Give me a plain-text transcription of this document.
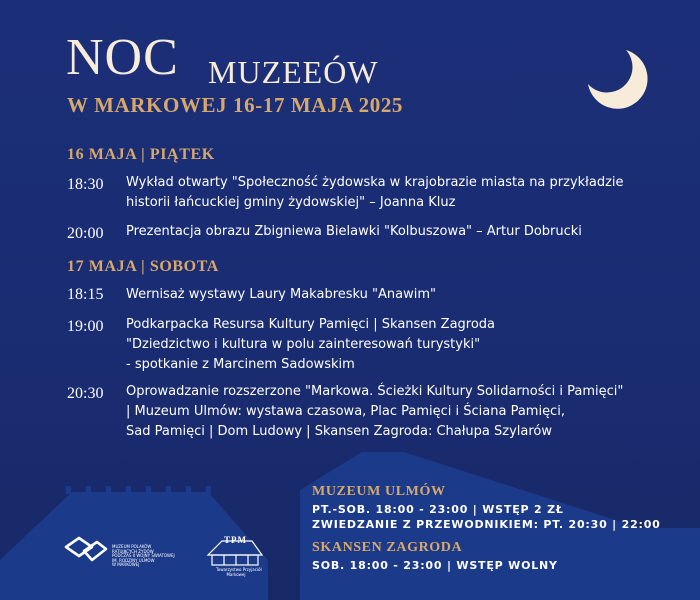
NOC MUZEEÓW
W MARKOWEJ 16-17 MAJA 2025
16 MAJA | PIĄTEK
18:30 Wykład otwarty "Społeczność żydowska w krajobrazie miasta na przykładzie
historii łańcuckiej gminy żydowskiej" – Joanna Kluz
20:00 Prezentacja obrazu Zbigniewa Bielawki "Kolbuszowa" – Artur Dobrucki
17 MAJA | SOBOTA
18:15 Wernisaż wystawy Laury Makabresku "Anawim"
19:00 Podkarpacka Resursa Kultury Pamięci | Skansen Zagroda
"Dziedzictwo i kultura w polu zainteresowań turystyki"
- spotkanie z Marcinem Sadowskim
20:30 Oprowadzanie rozszerzone "Markowa. Ścieżki Kultury Solidarności i Pamięci"
| Muzeum Ulmów: wystawa czasowa, Plac Pamięci i Ściana Pamięci,
Sad Pamięci | Dom Ludowy | Skansen Zagroda: Chałupa Szylarów
MUZEUM ULMÓW
PT.-SOB. 18:00 - 23:00 | WSTĘP 2 ZŁ
ZWIEDZANIE Z PRZEWODNIKIEM: PT. 20:30 | 22:00
SKANSEN ZAGRODA
SOB. 18:00 - 23:00 | WSTĘP WOLNY
MUZEUM POLAKÓW
RATUJĄCYCH ŻYDÓW
PODCZAS II WOJNY ŚWIATOWEJ
IM. RODZINY ULMÓW
W MARKOWEJ
TPM
Towarzystwo Przyjaciół
Markowej
